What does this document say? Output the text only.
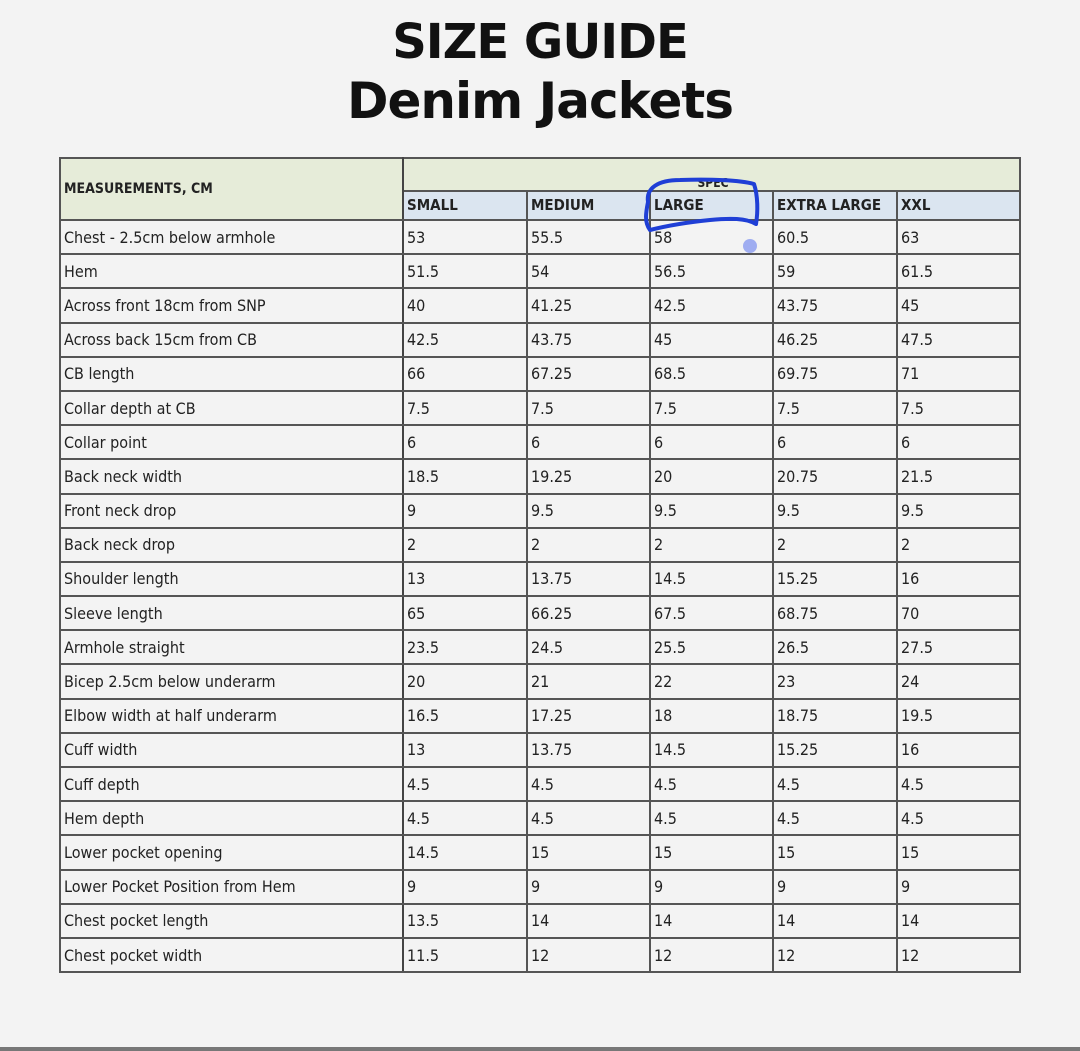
SIZE GUIDE
Denim Jackets
MEASUREMENTS, CM	SPEC				
	SMALL	MEDIUM	LARGE	EXTRA LARGE	XXL
Chest - 2.5cm below armhole	53	55.5	58	60.5	63
Hem	51.5	54	56.5	59	61.5
Across front 18cm from SNP	40	41.25	42.5	43.75	45
Across back 15cm from CB	42.5	43.75	45	46.25	47.5
CB length	66	67.25	68.5	69.75	71
Collar depth at CB	7.5	7.5	7.5	7.5	7.5
Collar point	6	6	6	6	6
Back neck width	18.5	19.25	20	20.75	21.5
Front neck drop	9	9.5	9.5	9.5	9.5
Back neck drop	2	2	2	2	2
Shoulder length	13	13.75	14.5	15.25	16
Sleeve length	65	66.25	67.5	68.75	70
Armhole straight	23.5	24.5	25.5	26.5	27.5
Bicep 2.5cm below underarm	20	21	22	23	24
Elbow width at half underarm	16.5	17.25	18	18.75	19.5
Cuff width	13	13.75	14.5	15.25	16
Cuff depth	4.5	4.5	4.5	4.5	4.5
Hem depth	4.5	4.5	4.5	4.5	4.5
Lower pocket opening	14.5	15	15	15	15
Lower Pocket Position from Hem	9	9	9	9	9
Chest pocket length	13.5	14	14	14	14
Chest pocket width	11.5	12	12	12	12
